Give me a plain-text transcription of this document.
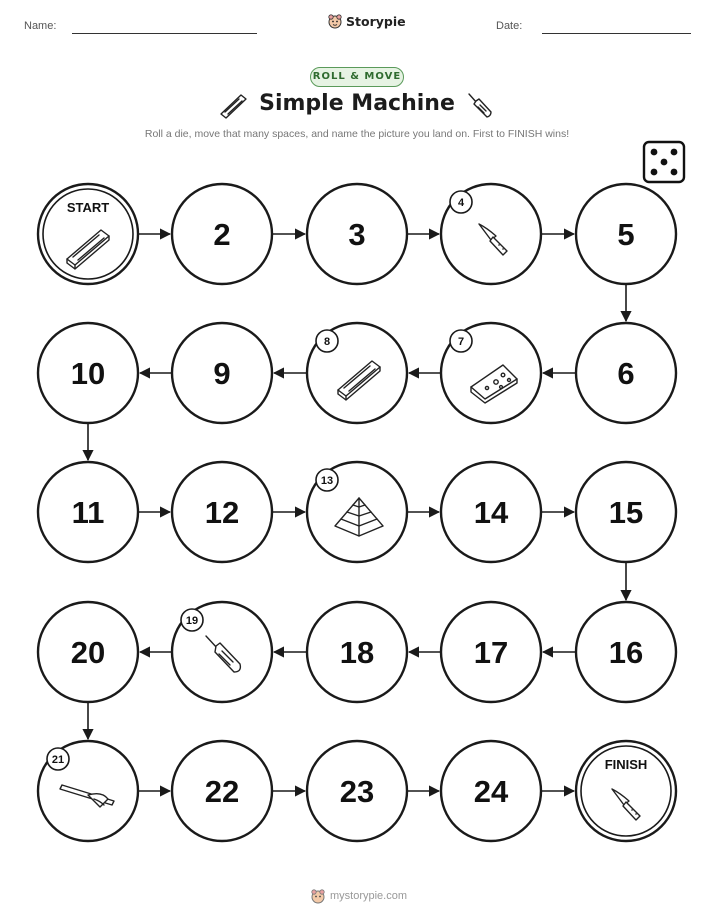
Name:	Storypie	Date:
ROLL & MOVE
Simple Machine
Roll a die, move that many spaces, and name the picture you land on. First to FINISH wins!
START
2	3
4
5
6
7
8
9
10
11	12
13
14	15
16
17
18
19
20
21
22	23	24
FINISH
mystorypie.com
